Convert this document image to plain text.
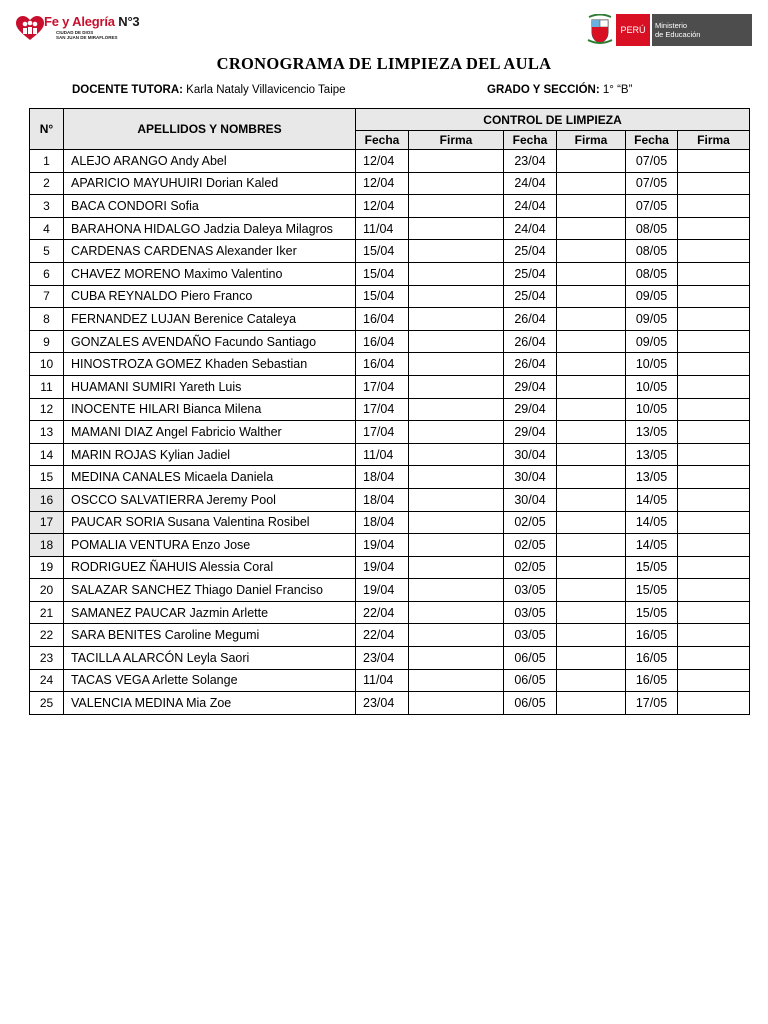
Fe y Alegría N°3
CIUDAD DE DIOS
SAN JUAN DE MIRAFLORES
PERÚ	Ministerio
de Educación
CRONOGRAMA DE LIMPIEZA DEL AULA
DOCENTE TUTORA: Karla Nataly Villavicencio Taipe	GRADO Y SECCIÓN: 1° “B”
N°	APELLIDOS Y NOMBRES	CONTROL DE LIMPIEZA					
		Fecha	Firma	Fecha	Firma	Fecha	Firma
1	ALEJO ARANGO Andy Abel	12/04		23/04		07/05	
2	APARICIO MAYUHUIRI Dorian Kaled	12/04		24/04		07/05	
3	BACA CONDORI Sofia	12/04		24/04		07/05	
4	BARAHONA HIDALGO Jadzia Daleya Milagros	11/04		24/04		08/05	
5	CARDENAS CARDENAS Alexander Iker	15/04		25/04		08/05	
6	CHAVEZ MORENO Maximo Valentino	15/04		25/04		08/05	
7	CUBA REYNALDO Piero Franco	15/04		25/04		09/05	
8	FERNANDEZ LUJAN Berenice Cataleya	16/04		26/04		09/05	
9	GONZALES AVENDAÑO Facundo Santiago	16/04		26/04		09/05	
10	HINOSTROZA GOMEZ Khaden Sebastian	16/04		26/04		10/05	
11	HUAMANI SUMIRI Yareth Luis	17/04		29/04		10/05	
12	INOCENTE HILARI Bianca Milena	17/04		29/04		10/05	
13	MAMANI DIAZ Angel Fabricio Walther	17/04		29/04		13/05	
14	MARIN ROJAS Kylian Jadiel	11/04		30/04		13/05	
15	MEDINA CANALES Micaela Daniela	18/04		30/04		13/05	
16	OSCCO SALVATIERRA Jeremy Pool	18/04		30/04		14/05	
17	PAUCAR SORIA Susana Valentina Rosibel	18/04		02/05		14/05	
18	POMALIA VENTURA Enzo Jose	19/04		02/05		14/05	
19	RODRIGUEZ ÑAHUIS Alessia Coral	19/04		02/05		15/05	
20	SALAZAR SANCHEZ Thiago Daniel Franciso	19/04		03/05		15/05	
21	SAMANEZ PAUCAR Jazmin Arlette	22/04		03/05		15/05	
22	SARA BENITES Caroline Megumi	22/04		03/05		16/05	
23	TACILLA ALARCÓN Leyla Saori	23/04		06/05		16/05	
24	TACAS VEGA Arlette Solange	11/04		06/05		16/05	
25	VALENCIA MEDINA Mia Zoe	23/04		06/05		17/05	
